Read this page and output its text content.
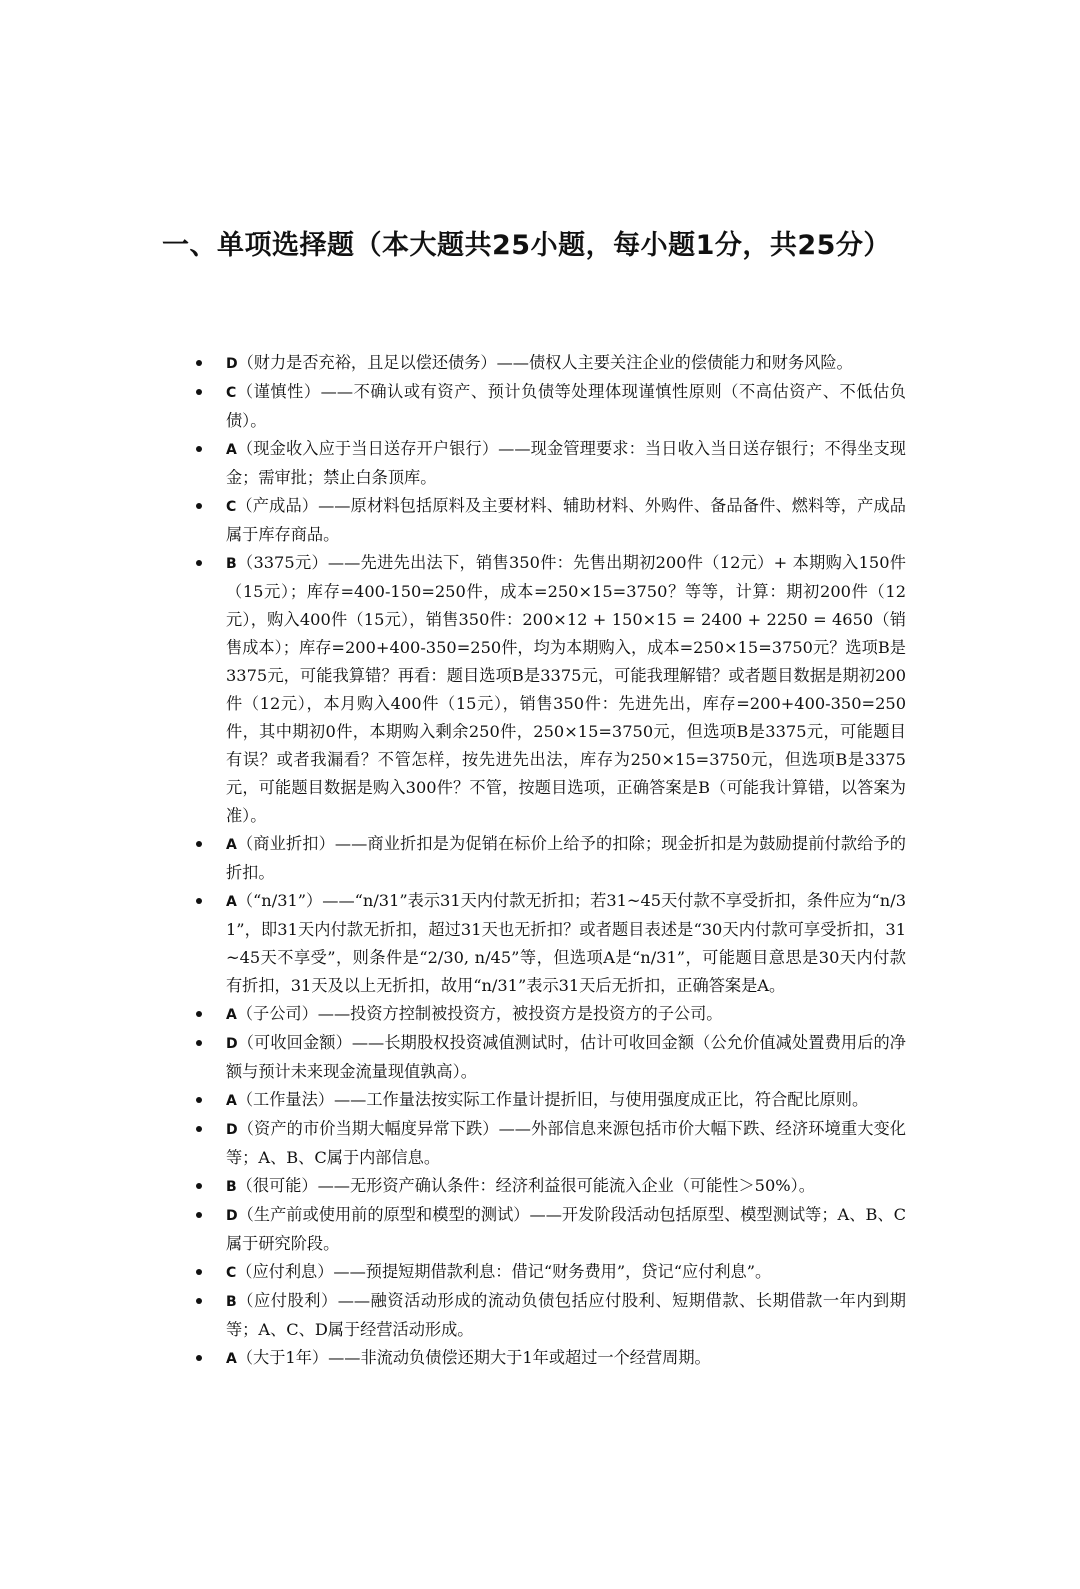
一、单项选择题（本大题共25小题，每小题1分，共25分）
D（财力是否充裕，且足以偿还债务）——债权人主要关注企业的偿债能力和财务风险。
C（谨慎性）——不确认或有资产、预计负债等处理体现谨慎性原则（不高估资产、不低估负债）。
A（现金收入应于当日送存开户银行）——现金管理要求：当日收入当日送存银行；不得坐支现金；需审批；禁止白条顶库。
C（产成品）——原材料包括原料及主要材料、辅助材料、外购件、备品备件、燃料等，产成品属于库存商品。
B（3375元）——先进先出法下，销售350件：先售出期初200件（12元）+ 本期购入150件（15元）；库存=400-150=250件，成本=250×15=3750？等等，计算：期初200件（12元），购入400件（15元），销售350件：200×12 + 150×15 = 2400 + 2250 = 4650（销售成本）；库存=200+400-350=250件，均为本期购入，成本=250×15=3750元？选项B是3375元，可能我算错？再看：题目选项B是3375元，可能我理解错？或者题目数据是期初200件（12元），本月购入400件（15元），销售350件：先进先出，库存=200+400-350=250件，其中期初0件，本期购入剩余250件，250×15=3750元，但选项B是3375元，可能题目有误？或者我漏看？不管怎样，按先进先出法，库存为250×15=3750元，但选项B是3375元，可能题目数据是购入300件？不管，按题目选项，正确答案是B（可能我计算错，以答案为准）。
A（商业折扣）——商业折扣是为促销在标价上给予的扣除；现金折扣是为鼓励提前付款给予的折扣。
A（“n/31”）——“n/31”表示31天内付款无折扣；若31~45天付款不享受折扣，条件应为“n/31”，即31天内付款无折扣，超过31天也无折扣？或者题目表述是“30天内付款可享受折扣，31~45天不享受”，则条件是“2/30, n/45”等，但选项A是“n/31”，可能题目意思是30天内付款有折扣，31天及以上无折扣，故用“n/31”表示31天后无折扣，正确答案是A。
A（子公司）——投资方控制被投资方，被投资方是投资方的子公司。
D（可收回金额）——长期股权投资减值测试时，估计可收回金额（公允价值减处置费用后的净额与预计未来现金流量现值孰高）。
A（工作量法）——工作量法按实际工作量计提折旧，与使用强度成正比，符合配比原则。
D（资产的市价当期大幅度异常下跌）——外部信息来源包括市价大幅下跌、经济环境重大变化等；A、B、C属于内部信息。
B（很可能）——无形资产确认条件：经济利益很可能流入企业（可能性＞50%）。
D（生产前或使用前的原型和模型的测试）——开发阶段活动包括原型、模型测试等；A、B、C属于研究阶段。
C（应付利息）——预提短期借款利息：借记“财务费用”，贷记“应付利息”。
B（应付股利）——融资活动形成的流动负债包括应付股利、短期借款、长期借款一年内到期等；A、C、D属于经营活动形成。
A（大于1年）——非流动负债偿还期大于1年或超过一个经营周期。
